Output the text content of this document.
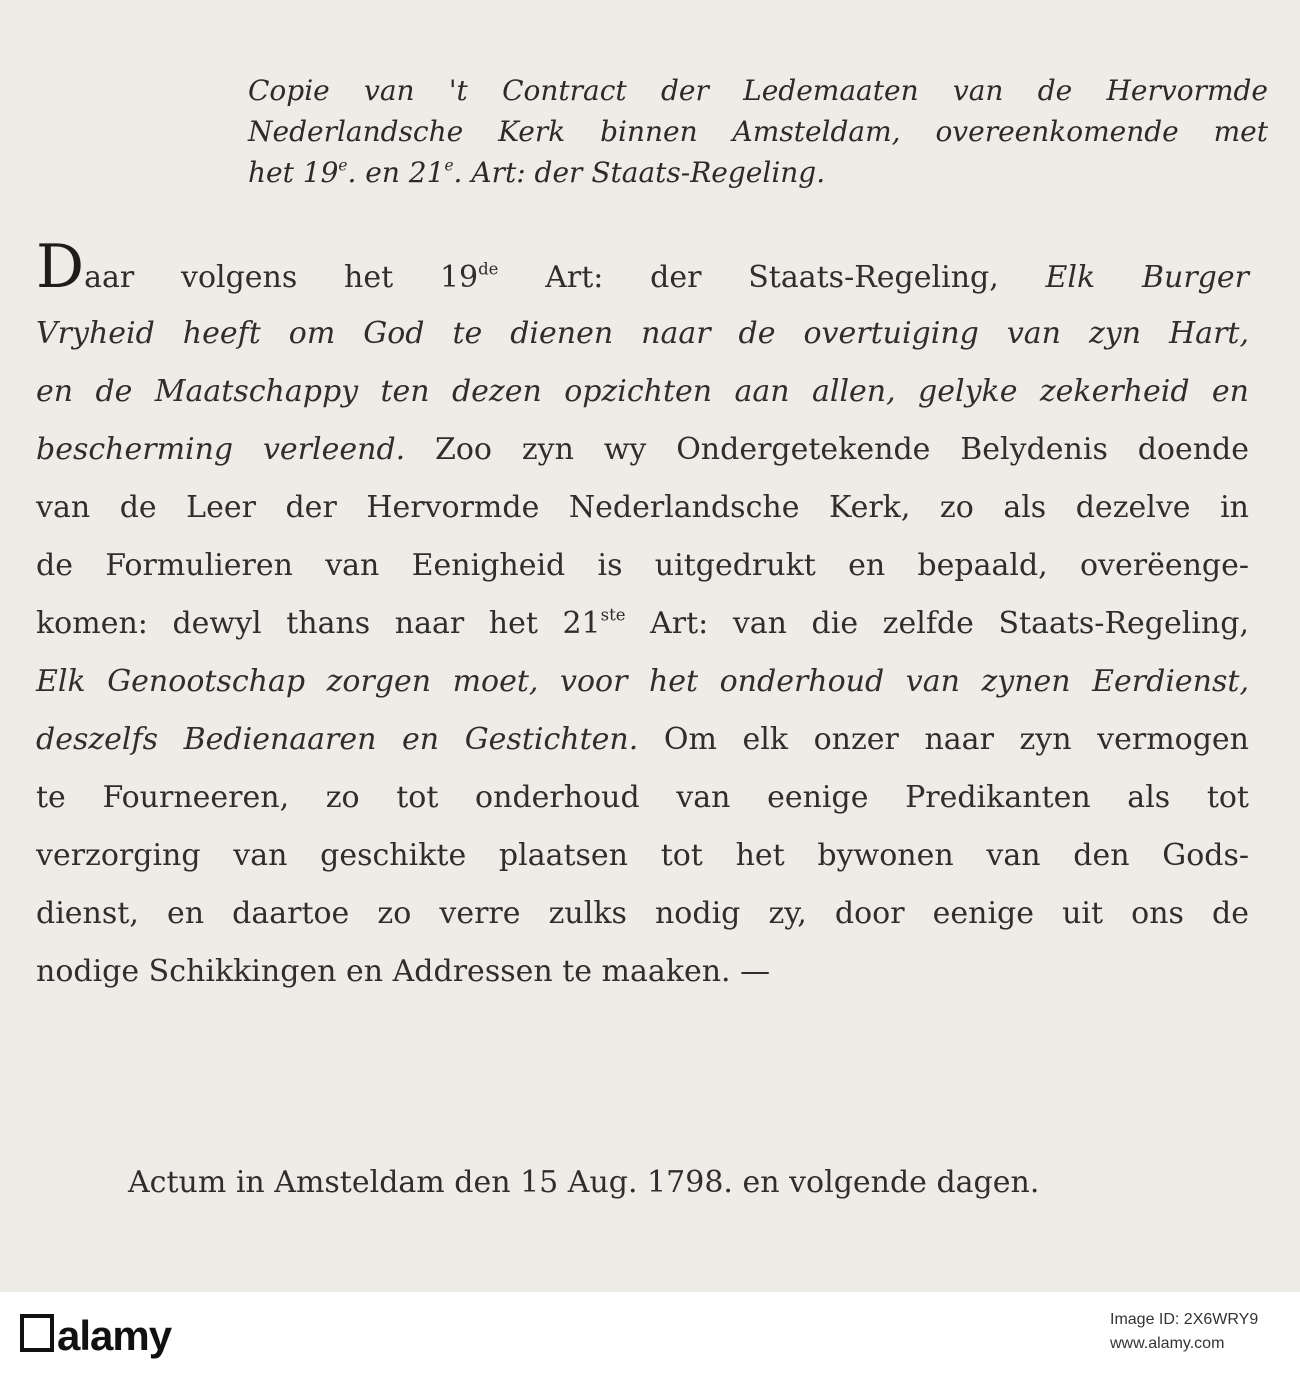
Copie van 't Contract der Ledemaaten van de Hervormde
Nederlandsche Kerk binnen Amsteldam, overeenkomende met
het 19e. en 21e. Art: der Staats-Regeling.
Daar volgens het 19de Art: der Staats-Regeling, Elk Burger
Vryheid heeft om God te dienen naar de overtuiging van zyn Hart,
en de Maatschappy ten dezen opzichten aan allen, gelyke zekerheid en
bescherming verleend. Zoo zyn wy Ondergetekende Belydenis doende
van de Leer der Hervormde Nederlandsche Kerk, zo als dezelve in
de Formulieren van Eenigheid is uitgedrukt en bepaald, overëenge-
komen: dewyl thans naar het 21ste Art: van die zelfde Staats-Regeling,
Elk Genootschap zorgen moet, voor het onderhoud van zynen Eerdienst,
deszelfs Bedienaaren en Gestichten. Om elk onzer naar zyn vermogen
te Fourneeren, zo tot onderhoud van eenige Predikanten als tot
verzorging van geschikte plaatsen tot het bywonen van den Gods-
dienst, en daartoe zo verre zulks nodig zy, door eenige uit ons de
nodige Schikkingen en Addressen te maaken. —
Actum in Amsteldam den 15 Aug. 1798. en volgende dagen.
alamy	Image ID: 2X6WRY9
www.alamy.com
